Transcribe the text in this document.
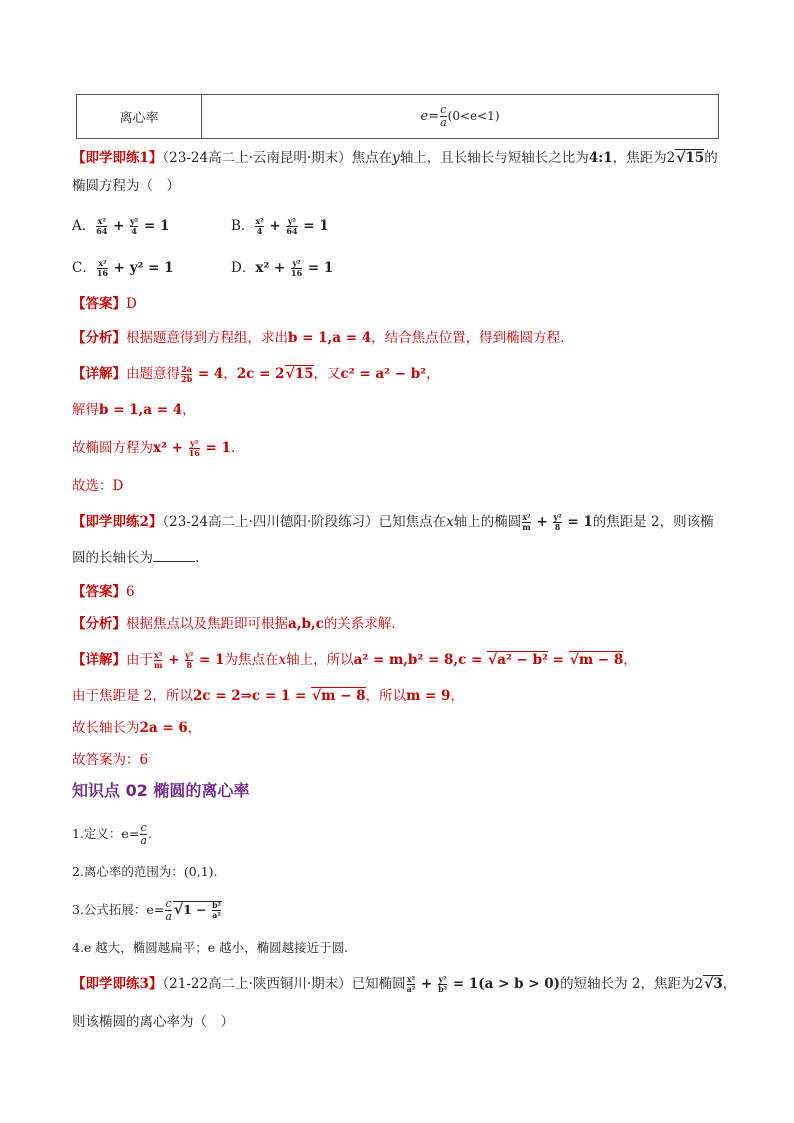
离心率	$e= \frac{c}{a} (0<e<1)$
【即学即练1】（23-24高二上·云南昆明·期末）焦点在y轴上，且长轴长与短轴长之比为4:1，焦距为2√15的
椭圆方程为（　）
A． $\frac{\text{x²}}{64} + \frac{\text{y²}}{4} = 1$	B． $\frac{\text{x²}}{4} + \frac{\text{y²}}{64} = 1$
C． $\frac{\text{x²}}{16} + y^2 = 1$	D．$x^2 + \frac{\text{y²}}{16} = 1$
【答案】D
【分析】根据题意得到方程组，求出b = 1,a = 4，结合焦点位置，得到椭圆方程.
【详解】由题意得 $\frac{2a}{2b} = 4$，2c = 2√15，又c² = a² − b²，
解得b = 1,a = 4，
故椭圆方程为$x^2 + \frac{\text{y²}}{16} = 1$.
故选：D
【即学即练2】（23-24高二上·四川德阳·阶段练习）已知焦点在x轴上的椭圆 $\frac{\text{x²}}{m} + \frac{\text{y²}}{8} = 1$的焦距是 2，则该椭
圆的长轴长为	.
【答案】6
【分析】根据焦点以及焦距即可根据a,b,c的关系求解.
【详解】由于 $\frac{\text{x²}}{m} + \frac{\text{y²}}{8} = 1$为焦点在x轴上，所以a² = m,b² = 8,c = √a² − b² = √m − 8，
由于焦距是 2，所以2c = 2⇒c = 1 = √m − 8，所以m = 9，
故长轴长为2a = 6，
故答案为：6
知识点 02 椭圆的离心率
1.定义：$e= \frac{c}{a}$ .
2.离心率的范围为：(0,1).
3.公式拓展：$e= \frac{c}{a} √1 - \frac{\text{b²}}{\text{a²}}$
4.e 越大，椭圆越扁平；e 越小，椭圆越接近于圆.
【即学即练3】（21-22高二上·陕西铜川·期末）已知椭圆 $\frac{\text{x²}}{\text{a²}} + \frac{\text{y²}}{\text{b²}} = 1(a > b > 0)$的短轴长为 2，焦距为2√3，
则该椭圆的离心率为（　）
